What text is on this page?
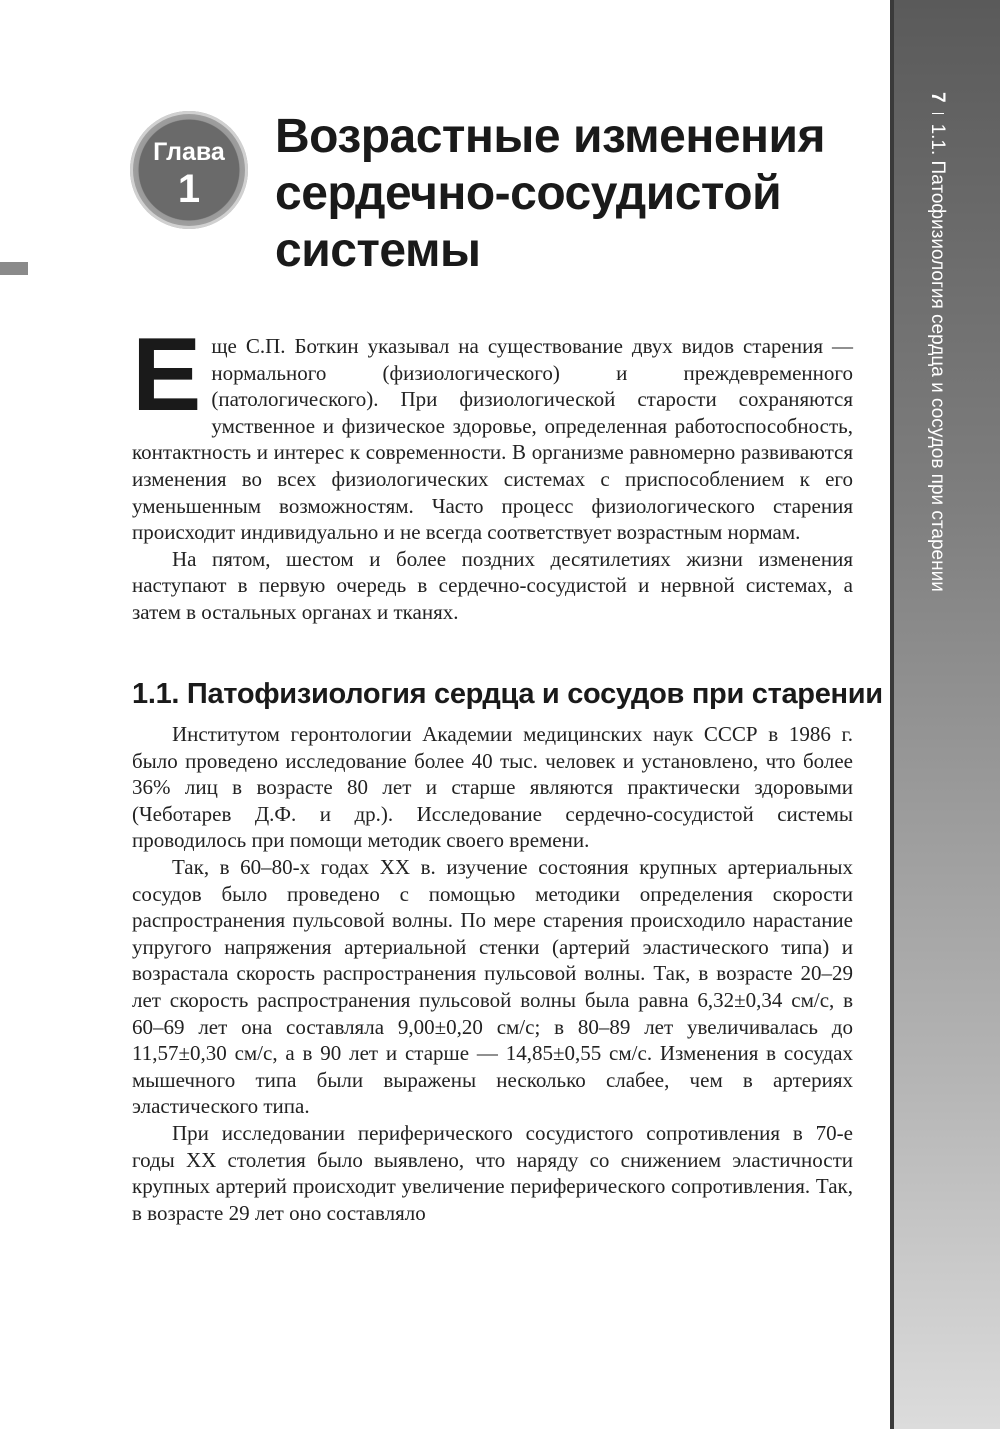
71.1. Патофизиология сердца и сосудов при старении
Глава
1
Возрастные изменения
сердечно-сосудистой
системы

Еще С.П. Боткин указывал на существование двух видов старения — нормального (физиологического) и преждевременного (патологического). При физиологической старости сохраняются умственное и физическое здоровье, определенная работоспособность, контактность и интерес к современности. В организме равномерно развиваются изменения во всех физиологических системах с приспособлением к его уменьшенным возможностям. Часто процесс физиологического старения происходит индивидуально и не всегда соответствует возрастным нормам.

На пятом, шестом и более поздних десятилетиях жизни изменения наступают в первую очередь в сердечно-сосудистой и нервной системах, а затем в остальных органах и тканях.

1.1. Патофизиология сердца и сосудов при старении

Институтом геронтологии Академии медицинских наук СССР в 1986 г. было проведено исследование более 40 тыс. человек и установлено, что более 36% лиц в возрасте 80 лет и старше являются практически здоровыми (Чеботарев Д.Ф. и др.). Исследование сердечно-сосудистой системы проводилось при помощи методик своего времени.

Так, в 60–80-х годах XX в. изучение состояния крупных артериальных сосудов было проведено с помощью методики определения скорости распространения пульсовой волны. По мере старения происходило нарастание упругого напряжения артериальной стенки (артерий эластического типа) и возрастала скорость распространения пульсовой волны. Так, в возрасте 20–29 лет скорость распространения пульсовой волны была равна 6,32±0,34 см/с, в 60–69 лет она составляла 9,00±0,20 см/с; в 80–89 лет увеличивалась до 11,57±0,30 см/с, а в 90 лет и старше — 14,85±0,55 см/с. Изменения в сосудах мышечного типа были выражены несколько слабее, чем в артериях эластического типа.

При исследовании периферического сосудистого сопротивления в 70-е годы XX столетия было выявлено, что наряду со снижением эластичности крупных артерий происходит увеличение периферического сопротивления. Так, в возрасте 29 лет оно составляло
